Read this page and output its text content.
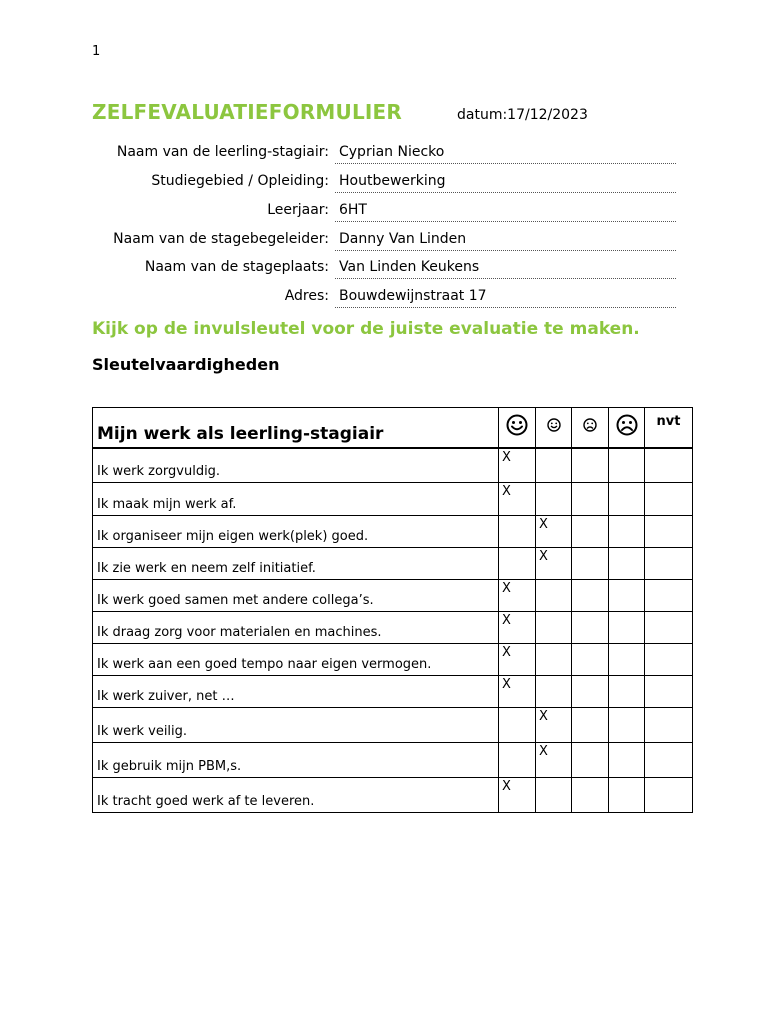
1
ZELFEVALUATIEFORMULIER	datum:17/12/2023
Naam van de leerling-stagiair: Cyprian Niecko
Studiegebied / Opleiding: Houtbewerking
Leerjaar: 6HT
Naam van de stagebegeleider: Danny Van Linden
Naam van de stageplaats: Van Linden Keukens
Adres: Bouwdewijnstraat 17
Kijk op de invulsleutel voor de juiste evaluatie te maken.
Sleutelvaardigheden
Mijn werk als leerling-stagiair					nvt
Ik werk zorgvuldig.	X				
Ik maak mijn werk af.	X				
Ik organiseer mijn eigen werk(plek) goed.		X			
Ik zie werk en neem zelf initiatief.		X			
Ik werk goed samen met andere collega’s.	X				
Ik draag zorg voor materialen en machines.	X				
Ik werk aan een goed tempo naar eigen vermogen.	X				
Ik werk zuiver, net …	X				
Ik werk veilig.		X			
Ik gebruik mijn PBM,s.		X			
Ik tracht goed werk af te leveren.	X				
